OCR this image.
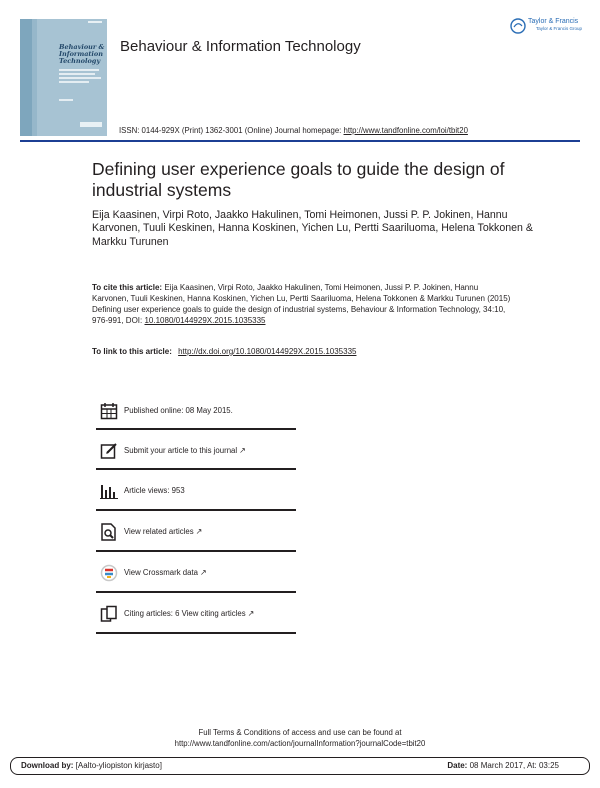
Behaviour &
Information
Technology
Behaviour & Information Technology
Taylor & Francis
Taylor & Francis Group
ISSN: 0144-929X (Print) 1362-3001 (Online) Journal homepage: http://www.tandfonline.com/loi/tbit20
Defining user experience goals to guide the design of industrial systems
Eija Kaasinen, Virpi Roto, Jaakko Hakulinen, Tomi Heimonen, Jussi P. P. Jokinen, Hannu Karvonen, Tuuli Keskinen, Hanna Koskinen, Yichen Lu, Pertti Saariluoma, Helena Tokkonen & Markku Turunen
To cite this article: Eija Kaasinen, Virpi Roto, Jaakko Hakulinen, Tomi Heimonen, Jussi P. P. Jokinen, Hannu Karvonen, Tuuli Keskinen, Hanna Koskinen, Yichen Lu, Pertti Saariluoma, Helena Tokkonen & Markku Turunen (2015) Defining user experience goals to guide the design of industrial systems, Behaviour & Information Technology, 34:10, 976-991, DOI: 10.1080/0144929X.2015.1035335
To link to this article: http://dx.doi.org/10.1080/0144929X.2015.1035335
Published online: 08 May 2015.
Submit your article to this journal ↗
Article views: 953
View related articles ↗
View Crossmark data ↗
Citing articles: 6 View citing articles ↗
Full Terms & Conditions of access and use can be found at
http://www.tandfonline.com/action/journalInformation?journalCode=tbit20
Download by: [Aalto-yliopiston kirjasto]	Date: 08 March 2017, At: 03:25
